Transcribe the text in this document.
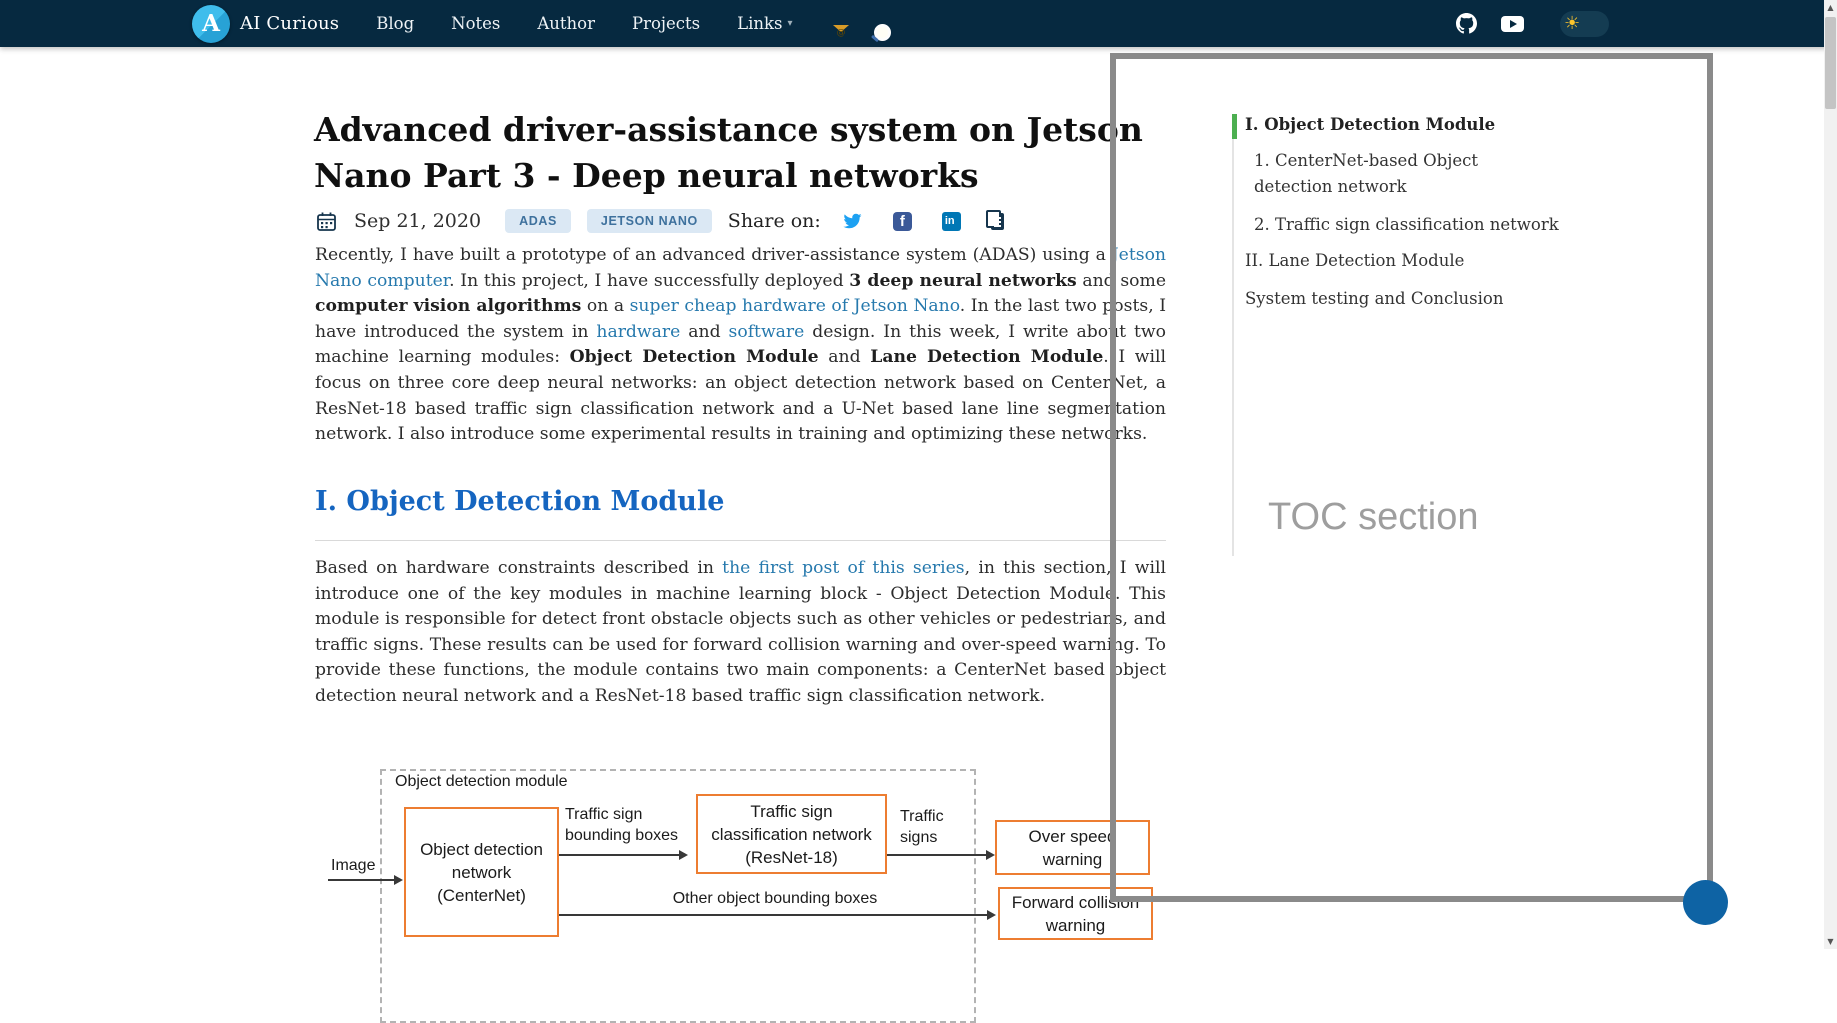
A AI Curious Blog Notes Author Projects Links ▾	☀
Advanced driver-assistance system on Jetson Nano Part 3 - Deep neural networks
Sep 21, 2020	ADAS	JETSON NANO	Share on:
f
in

Recently, I have built a prototype of an advanced driver-assistance system (ADAS) using a Jetson Nano computer. In this project, I have successfully deployed 3 deep neural networks and some computer vision algorithms on a super cheap hardware of Jetson Nano. In the last two posts, I have introduced the system in hardware and software design. In this week, I write about two machine learning modules: Object Detection Module and Lane Detection Module. I will focus on three core deep neural networks: an object detection network based on CenterNet, a ResNet-18 based traffic sign classification network and a U-Net based lane line segmentation network. I also introduce some experimental results in training and optimizing these networks.

I. Object Detection Module

Based on hardware constraints described in the first post of this series, in this section, I will introduce one of the key modules in machine learning block - Object Detection Module. This module is responsible for detect front obstacle objects such as other vehicles or pedestrians, and traffic signs. These results can be used for forward collision warning and over-speed warning. To provide these functions, the module contains two main components: a CenterNet based object detection neural network and a ResNet-18 based traffic sign classification network.

Object detection module
Image
Object detection network (CenterNet)
Traffic sign bounding boxes
Traffic sign classification network (ResNet-18)
Traffic signs	Over speed warning
Other object bounding boxes	Forward collision warning
I. Object Detection Module
1. CenterNet-based Object detection network
2. Traffic sign classification network
II. Lane Detection Module
System testing and Conclusion
TOC section
▲
▼
